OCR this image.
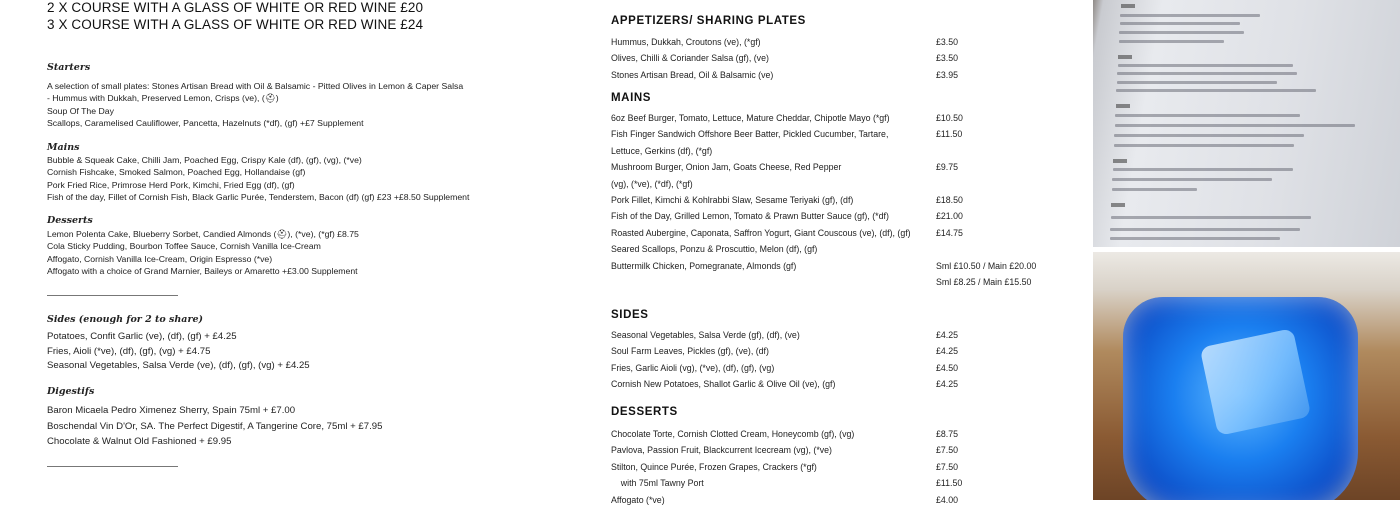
2 X COURSE WITH A GLASS OF WHITE OR RED WINE £20
3 X COURSE WITH A GLASS OF WHITE OR RED WINE £24
Starters
A selection of small plates: Stones Artisan Bread with Oil & Balsamic - Pitted Olives in Lemon & Caper Salsa
- Hummus with Dukkah, Preserved Lemon, Crisps (ve), (⛑)
Soup Of The Day
Scallops, Caramelised Cauliflower, Pancetta, Hazelnuts (*df), (gf) +£7 Supplement
Mains
Bubble & Squeak Cake, Chilli Jam, Poached Egg, Crispy Kale (df), (gf), (vg), (*ve)
Cornish Fishcake, Smoked Salmon, Poached Egg, Hollandaise (gf)
Pork Fried Rice, Primrose Herd Pork, Kimchi, Fried Egg (df), (gf)
Fish of the day, Fillet of Cornish Fish, Black Garlic Purée, Tenderstem, Bacon (df) (gf) £23 +£8.50 Supplement
Desserts
Lemon Polenta Cake, Blueberry Sorbet, Candied Almonds (⛑), (*ve), (*gf) £8.75
Cola Sticky Pudding, Bourbon Toffee Sauce, Cornish Vanilla Ice-Cream
Affogato, Cornish Vanilla Ice-Cream, Origin Espresso (*ve)
Affogato with a choice of Grand Marnier, Baileys or Amaretto +£3.00 Supplement
Sides (enough for 2 to share)
Potatoes, Confit Garlic (ve), (df), (gf) + £4.25
Fries, Aioli (*ve), (df), (gf), (vg) + £4.75
Seasonal Vegetables, Salsa Verde (ve), (df), (gf), (vg) + £4.25
Digestifs
Baron Micaela Pedro Ximenez Sherry, Spain 75ml + £7.00
Boschendal Vin D'Or, SA. The Perfect Digestif, A Tangerine Core, 75ml + £7.95
Chocolate & Walnut Old Fashioned + £9.95
APPETIZERS/ SHARING PLATES
Hummus, Dukkah, Croutons (ve), (*gf)	£3.50
Olives, Chilli & Coriander Salsa (gf), (ve)	£3.50
Stones Artisan Bread, Oil & Balsamic (ve)	£3.95
MAINS
6oz Beef Burger, Tomato, Lettuce, Mature Cheddar, Chipotle Mayo (*gf)	£10.50
Fish Finger Sandwich Offshore Beer Batter, Pickled Cucumber, Tartare,	£11.50
Lettuce, Gerkins (df), (*gf)
Mushroom Burger, Onion Jam, Goats Cheese, Red Pepper	£9.75
(vg), (*ve), (*df), (*gf)
Pork Fillet, Kimchi & Kohlrabbi Slaw, Sesame Teriyaki (gf), (df)	£18.50
Fish of the Day, Grilled Lemon, Tomato & Prawn Butter Sauce (gf), (*df)	£21.00
Roasted Aubergine, Caponata, Saffron Yogurt, Giant Couscous (ve), (df), (gf)	£14.75
Seared Scallops, Ponzu & Proscuttio, Melon (df), (gf)
Buttermilk Chicken, Pomegranate, Almonds (gf)	Sml £10.50 / Main £20.00
Sml £8.25 / Main £15.50
SIDES
Seasonal Vegetables, Salsa Verde (gf), (df), (ve)	£4.25
Soul Farm Leaves, Pickles (gf), (ve), (df)	£4.25
Fries, Garlic Aioli (vg), (*ve), (df), (gf), (vg)	£4.50
Cornish New Potatoes, Shallot Garlic & Olive Oil (ve), (gf)	£4.25
DESSERTS
Chocolate Torte, Cornish Clotted Cream, Honeycomb (gf), (vg)	£8.75
Pavlova, Passion Fruit, Blackcurrent Icecream (vg), (*ve)	£7.50
Stilton, Quince Purée, Frozen Grapes, Crackers (*gf)	£7.50
with 75ml Tawny Port	£11.50
Affogato (*ve)	£4.00
